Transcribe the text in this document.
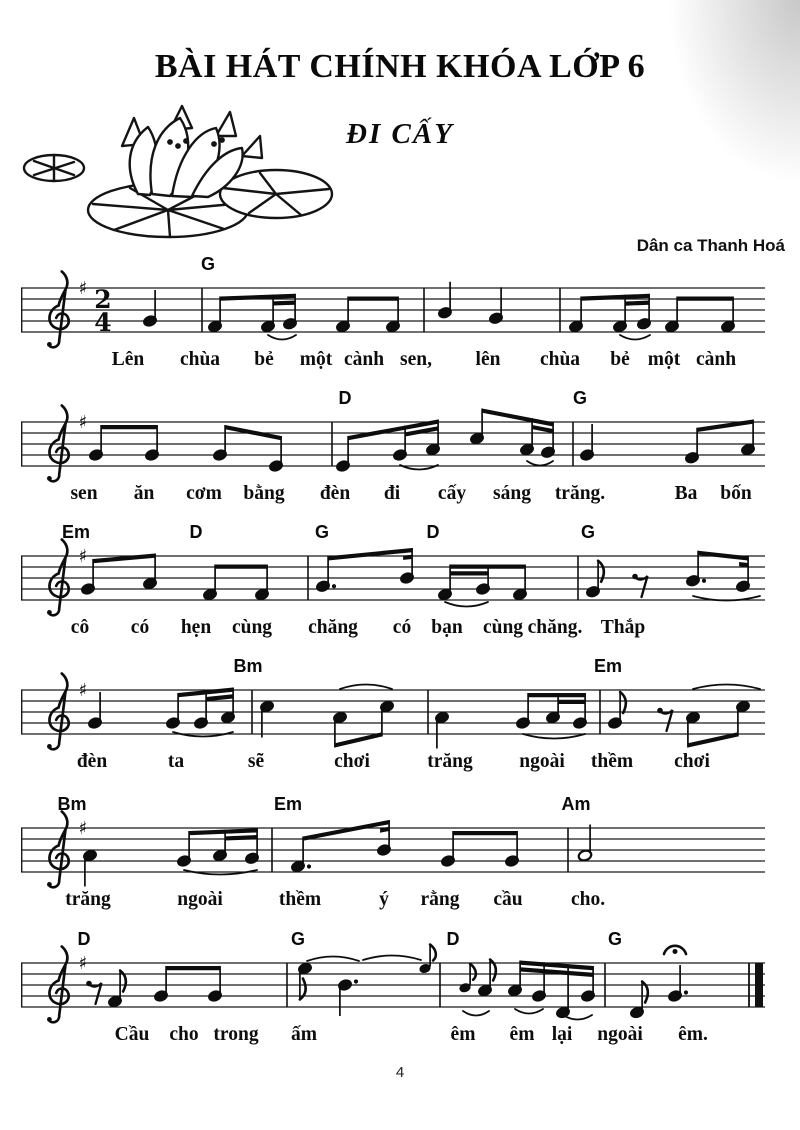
BÀI HÁT CHÍNH KHÓA LỚP 6
ĐI CẤY
Dân ca Thanh Hoá
♯ 2
4
G
Lên chùa bẻ một cành sen, lên chùa bẻ một cành
♯
D	G
sen ăn cơm bằng đèn đi cấy sáng trăng.	Ba bốn
♯
Em	D	G	D	G
cô có hẹn cùng chăng có bạn cùng chăng. Thắp
♯
Bm	Em
đèn	ta	sẽ	chơi	trăng ngoài thềm chơi
♯
Bm	Em	Am
trăng	ngoài	thềm	ý rằng cầu cho.
♯
D	G	D	G
Cầu cho trong ấm	êm êm lại ngoài êm.
4
